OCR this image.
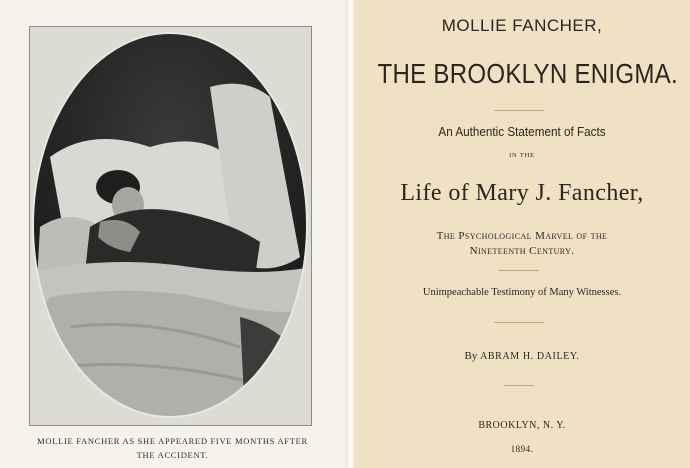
MOLLIE FANCHER AS SHE APPEARED FIVE MONTHS AFTER
THE ACCIDENT.
MOLLIE FANCHER,
THE BROOKLYN ENIGMA.
An Authentic Statement of Facts
IN THE
Life of Mary J. Fancher,
The Psychological Marvel of the
Nineteenth Century.
Unimpeachable Testimony of Many Witnesses.
By ABRAM H. DAILEY.
BROOKLYN, N. Y.
1894.
